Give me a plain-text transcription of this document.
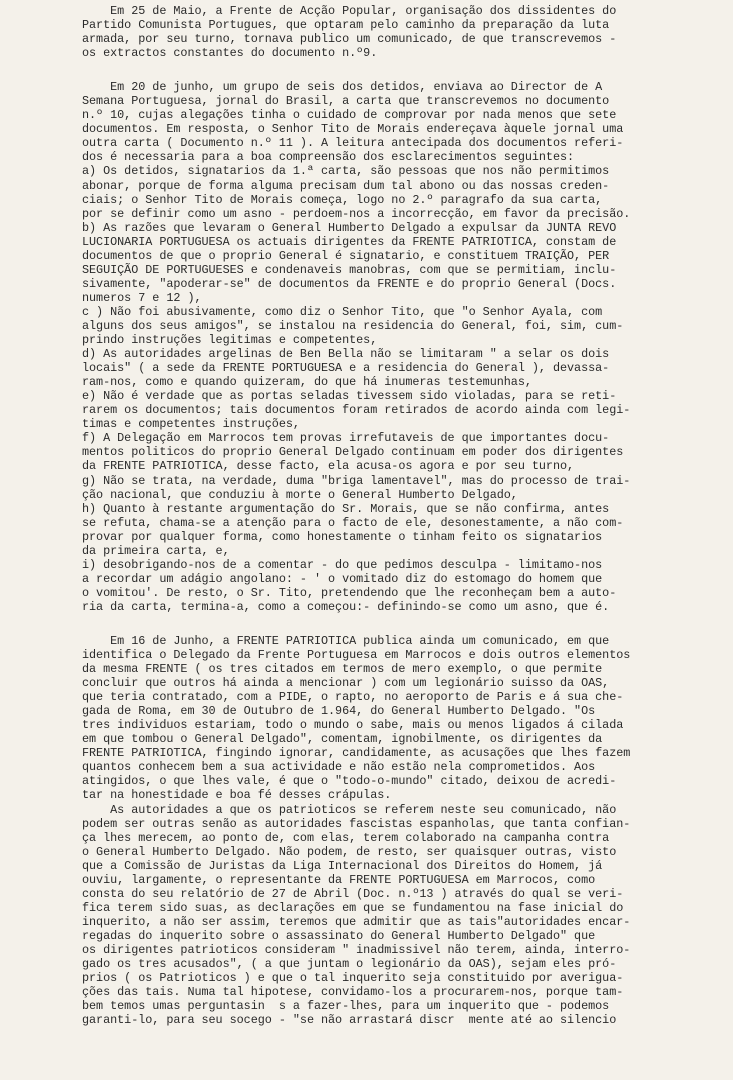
Em 25 de Maio, a Frente de Acção Popular, organisação dos dissidentes do
Partido Comunista Portugues, que optaram pelo caminho da preparação da luta
armada, por seu turno, tornava publico um comunicado, de que transcrevemos -
os extractos constantes do documento n.º9.
Em 20 de junho, um grupo de seis dos detidos, enviava ao Director de A
Semana Portuguesa, jornal do Brasil, a carta que transcrevemos no documento
n.º 10, cujas alegações tinha o cuidado de comprovar por nada menos que sete
documentos. Em resposta, o Senhor Tito de Morais endereçava àquele jornal uma
outra carta ( Documento n.º 11 ). A leitura antecipada dos documentos referi-
dos é necessaria para a boa compreensão dos esclarecimentos seguintes:
a) Os detidos, signatarios da 1.ª carta, são pessoas que nos não permitimos
abonar, porque de forma alguma precisam dum tal abono ou das nossas creden-
ciais; o Senhor Tito de Morais começa, logo no 2.º paragrafo da sua carta,
por se definir como um asno - perdoem-nos a incorrecção, em favor da precisão.
b) As razões que levaram o General Humberto Delgado a expulsar da JUNTA REVO
LUCIONARIA PORTUGUESA os actuais dirigentes da FRENTE PATRIOTICA, constam de
documentos de que o proprio General é signatario, e constituem TRAIÇÃO, PER
SEGUIÇÃO DE PORTUGUESES e condenaveis manobras, com que se permitiam, inclu-
sivamente, "apoderar-se" de documentos da FRENTE e do proprio General (Docs.
numeros 7 e 12 ),
c ) Não foi abusivamente, como diz o Senhor Tito, que "o Senhor Ayala, com
alguns dos seus amigos", se instalou na residencia do General, foi, sim, cum-
prindo instruções legitimas e competentes,
d) As autoridades argelinas de Ben Bella não se limitaram " a selar os dois
locais" ( a sede da FRENTE PORTUGUESA e a residencia do General ), devassa-
ram-nos, como e quando quizeram, do que há inumeras testemunhas,
e) Não é verdade que as portas seladas tivessem sido violadas, para se reti-
rarem os documentos; tais documentos foram retirados de acordo ainda com legi-
timas e competentes instruções,
f) A Delegação em Marrocos tem provas irrefutaveis de que importantes docu-
mentos politicos do proprio General Delgado continuam em poder dos dirigentes
da FRENTE PATRIOTICA, desse facto, ela acusa-os agora e por seu turno,
g) Não se trata, na verdade, duma "briga lamentavel", mas do processo de trai-
ção nacional, que conduziu à morte o General Humberto Delgado,
h) Quanto à restante argumentação do Sr. Morais, que se não confirma, antes
se refuta, chama-se a atenção para o facto de ele, desonestamente, a não com-
provar por qualquer forma, como honestamente o tinham feito os signatarios
da primeira carta, e,
i) desobrigando-nos de a comentar - do que pedimos desculpa - limitamo-nos
a recordar um adágio angolano: - ' o vomitado diz do estomago do homem que
o vomitou'. De resto, o Sr. Tito, pretendendo que lhe reconheçam bem a auto-
ria da carta, termina-a, como a começou:- definindo-se como um asno, que é.
Em 16 de Junho, a FRENTE PATRIOTICA publica ainda um comunicado, em que
identifica o Delegado da Frente Portuguesa em Marrocos e dois outros elementos
da mesma FRENTE ( os tres citados em termos de mero exemplo, o que permite
concluir que outros há ainda a mencionar ) com um legionário suisso da OAS,
que teria contratado, com a PIDE, o rapto, no aeroporto de Paris e á sua che-
gada de Roma, em 30 de Outubro de 1.964, do General Humberto Delgado. "Os
tres individuos estariam, todo o mundo o sabe, mais ou menos ligados á cilada
em que tombou o General Delgado", comentam, ignobilmente, os dirigentes da
FRENTE PATRIOTICA, fingindo ignorar, candidamente, as acusações que lhes fazem
quantos conhecem bem a sua actividade e não estão nela comprometidos. Aos
atingidos, o que lhes vale, é que o "todo-o-mundo" citado, deixou de acredi-
tar na honestidade e boa fé desses crápulas.
As autoridades a que os patrioticos se referem neste seu comunicado, não
podem ser outras senão as autoridades fascistas espanholas, que tanta confian-
ça lhes merecem, ao ponto de, com elas, terem colaborado na campanha contra
o General Humberto Delgado. Não podem, de resto, ser quaisquer outras, visto
que a Comissão de Juristas da Liga Internacional dos Direitos do Homem, já
ouviu, largamente, o representante da FRENTE PORTUGUESA em Marrocos, como
consta do seu relatório de 27 de Abril (Doc. n.º13 ) através do qual se veri-
fica terem sido suas, as declarações em que se fundamentou na fase inicial do
inquerito, a não ser assim, teremos que admitir que as tais"autoridades encar-
regadas do inquerito sobre o assassinato do General Humberto Delgado" que
os dirigentes patrioticos consideram " inadmissivel não terem, ainda, interro-
gado os tres acusados", ( a que juntam o legionário da OAS), sejam eles pró-
prios ( os Patrioticos ) e que o tal inquerito seja constituido por averigua-
ções das tais. Numa tal hipotese, convidamo-los a procurarem-nos, porque tam-
bem temos umas perguntasin  s a fazer-lhes, para um inquerito que - podemos
garanti-lo, para seu socego - "se não arrastará discr  mente até ao silencio
